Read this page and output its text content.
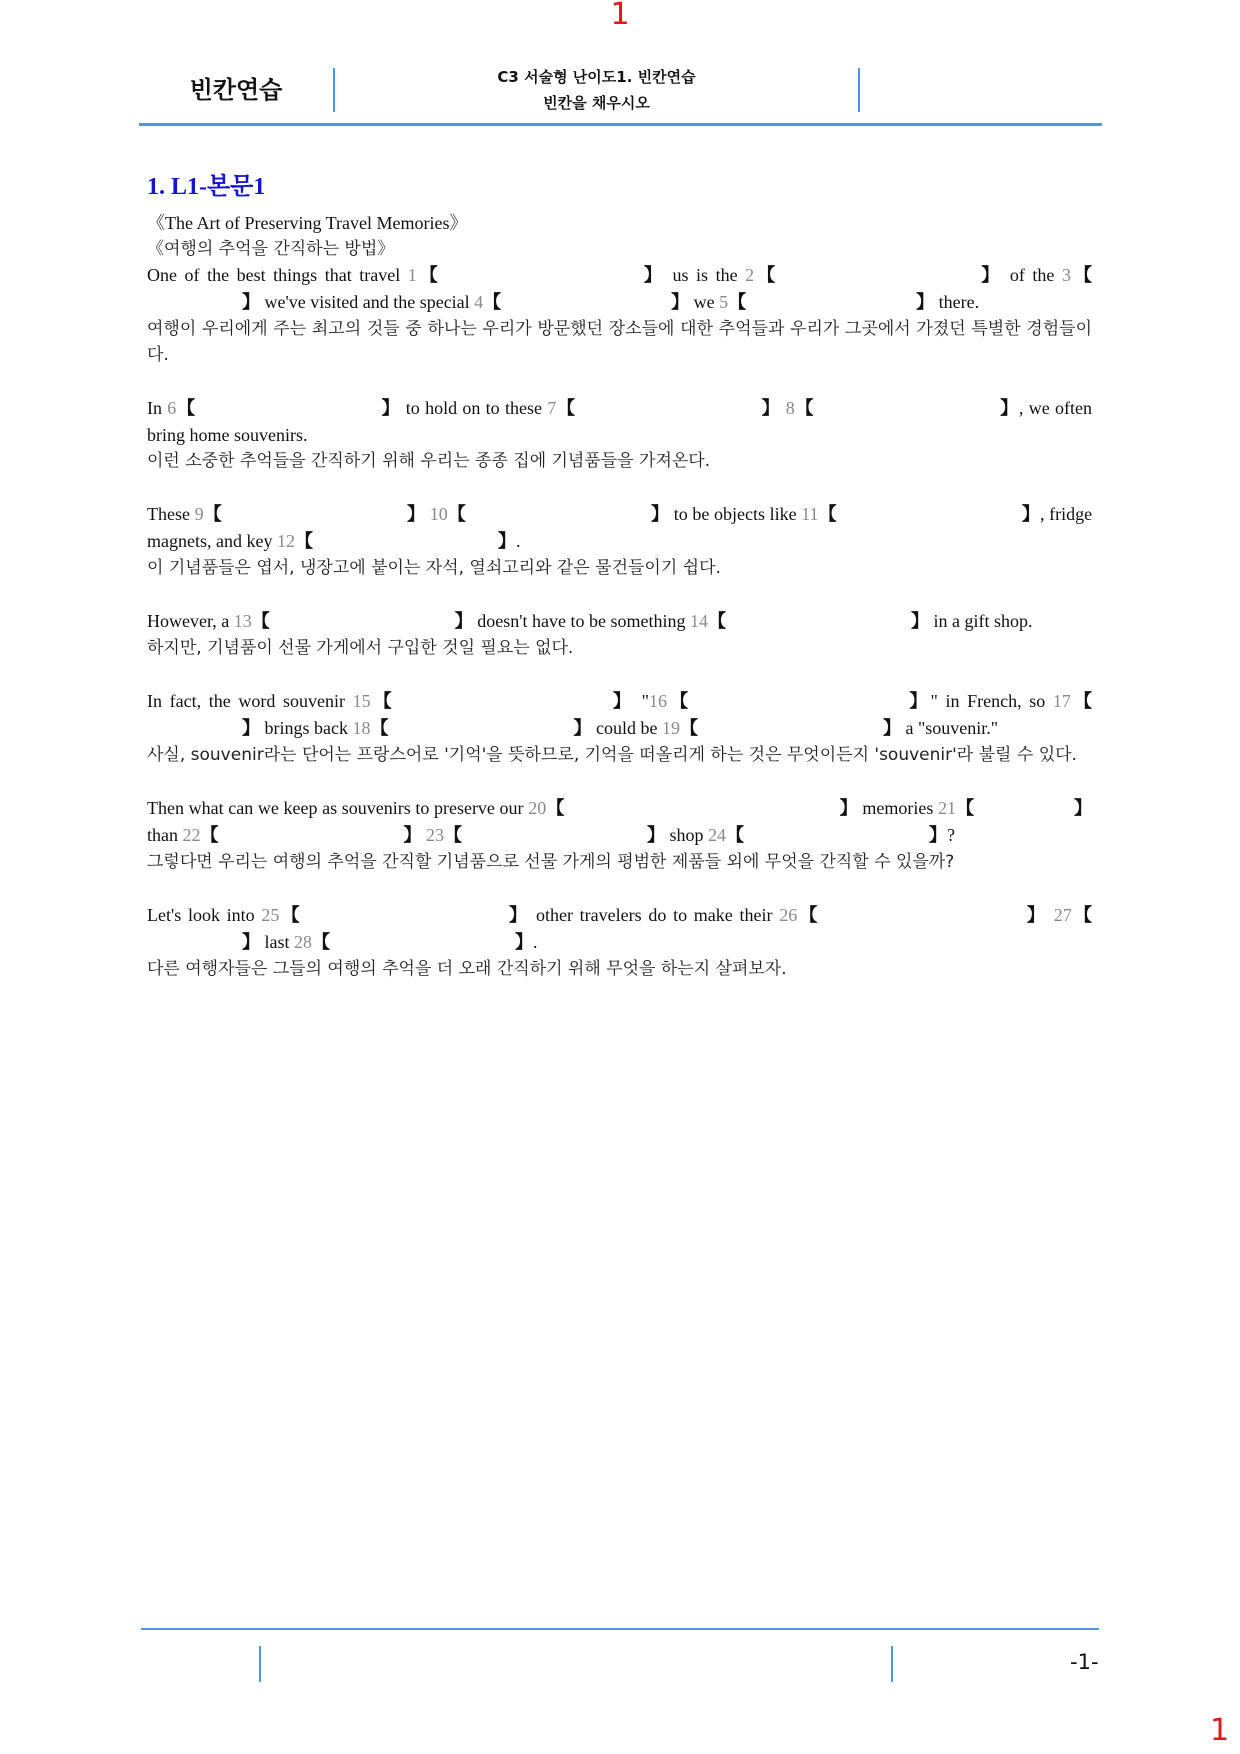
1
빈칸연습	C3 서술형 난이도1. 빈칸연습
빈칸을 채우시오
1. L1-본문1
《The Art of Preserving Travel Memories》
《여행의 추억을 간직하는 방법》
One of the best things that travel 1【	】 us is the 2【	】 of the 3【 】 we've visited and the special 4【	】 we 5【	】 there.
여행이 우리에게 주는 최고의 것들 중 하나는 우리가 방문했던 장소들에 대한 추억들과 우리가 그곳에서 가졌던 특별한 경험들이다.
In 6【	】 to hold on to these 7【	】 8【	】, we often bring home souvenirs.
이런 소중한 추억들을 간직하기 위해 우리는 종종 집에 기념품들을 가져온다.
These 9【	】 10【	】 to be objects like 11【	】, fridge magnets, and key 12【	】.
이 기념품들은 엽서, 냉장고에 붙이는 자석, 열쇠고리와 같은 물건들이기 쉽다.
However, a 13【	】 doesn't have to be something 14【	】 in a gift shop.
하지만, 기념품이 선물 가게에서 구입한 것일 필요는 없다.
In fact, the word souvenir 15【	】 "16【	】" in French, so 17【 】 brings back 18【	】 could be 19【	】 a "souvenir."
사실, souvenir라는 단어는 프랑스어로 '기억'을 뜻하므로, 기억을 떠올리게 하는 것은 무엇이든지 'souvenir'라 불릴 수 있다.
Then what can we keep as souvenirs to preserve our 20【	】 memories 21【	】 than 22【	】 23【	】 shop 24【	】?
그렇다면 우리는 여행의 추억을 간직할 기념품으로 선물 가게의 평범한 제품들 외에 무엇을 간직할 수 있을까?
Let's look into 25【	】 other travelers do to make their 26【	】 27【 】 last 28【	】.
다른 여행자들은 그들의 여행의 추억을 더 오래 간직하기 위해 무엇을 하는지 살펴보자.
-1-
1
